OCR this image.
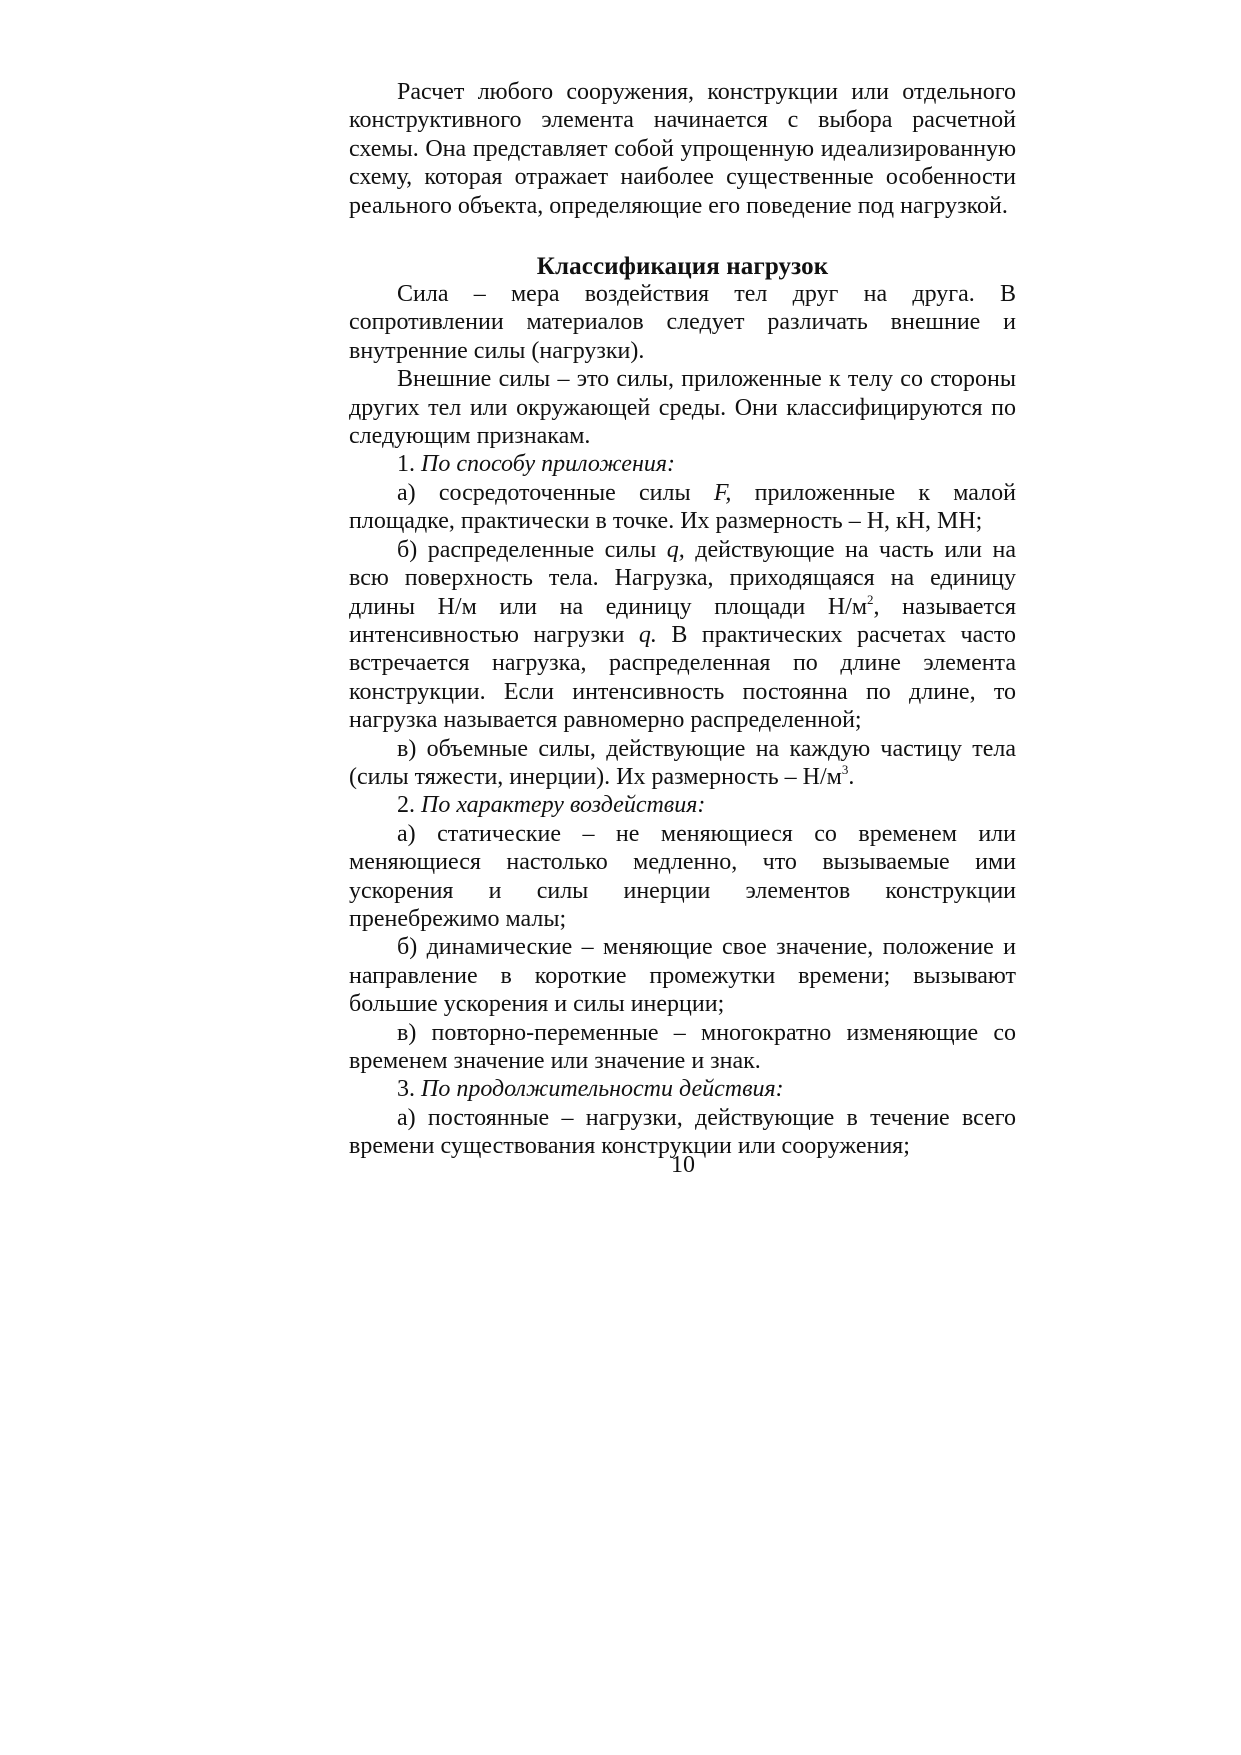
Расчет любого сооружения, конструкции или отдельного конструктивного элемента начинается с выбора расчетной схемы. Она представляет собой упрощенную идеализированную схему, которая отражает наиболее существенные особенности реального объекта, определяющие его поведение под нагрузкой.

Классификация нагрузок

Сила – мера воздействия тел друг на друга. В сопротивлении материалов следует различать внешние и внутренние силы (нагрузки).

Внешние силы – это силы, приложенные к телу со стороны других тел или окружающей среды. Они классифицируются по следующим признакам.

1. По способу приложения:

а) сосредоточенные силы F, приложенные к малой площадке, практически в точке. Их размерность – Н, кН, МН;

б) распределенные силы q, действующие на часть или на всю поверхность тела. Нагрузка, приходящаяся на единицу длины Н/м или на единицу площади $Н/м^2$, называется интенсивностью нагрузки q. В практических расчетах часто встречается нагрузка, распределенная по длине элемента конструкции. Если интенсивность постоянна по длине, то нагрузка называется равномерно распределенной;

в) объемные силы, действующие на каждую частицу тела (силы тяжести, инерции). Их размерность – $Н/м^3$.

2. По характеру воздействия:

а) статические – не меняющиеся со временем или меняющиеся настолько медленно, что вызываемые ими ускорения и силы инерции элементов конструкции пренебрежимо малы;

б) динамические – меняющие свое значение, положение и направление в короткие промежутки времени; вызывают большие ускорения и силы инерции;

в) повторно-переменные – многократно изменяющие со временем значение или значение и знак.

3. По продолжительности действия:

а) постоянные – нагрузки, действующие в течение всего времени существования конструкции или сооружения;

10
